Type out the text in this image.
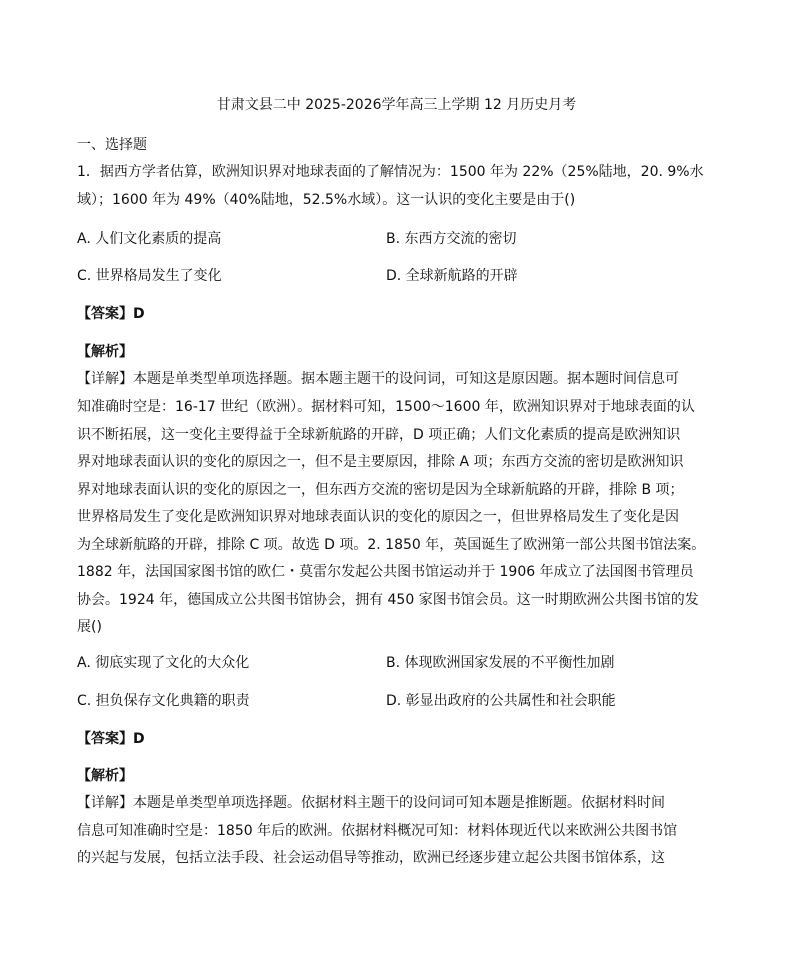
甘肃文县二中 2025-2026学年高三上学期 12 月历史月考
一、选择题
1．据西方学者估算，欧洲知识界对地球表面的了解情况为：1500 年为 22%（25%陆地，20. 9%水
域）；1600 年为 49%（40%陆地，52.5%水域）。这一认识的变化主要是由于()
A. 人们文化素质的提高	B. 东西方交流的密切
C. 世界格局发生了变化	D. 全球新航路的开辟
【答案】D
【解析】
【详解】本题是单类型单项选择题。据本题主题干的设问词，可知这是原因题。据本题时间信息可
知准确时空是：16-17 世纪（欧洲）。据材料可知，1500～1600 年，欧洲知识界对于地球表面的认
识不断拓展，这一变化主要得益于全球新航路的开辟，D 项正确；人们文化素质的提高是欧洲知识
界对地球表面认识的变化的原因之一，但不是主要原因，排除 A 项；东西方交流的密切是欧洲知识
界对地球表面认识的变化的原因之一，但东西方交流的密切是因为全球新航路的开辟，排除 B 项；
世界格局发生了变化是欧洲知识界对地球表面认识的变化的原因之一，但世界格局发生了变化是因
为全球新航路的开辟，排除 C 项。故选 D 项。2. 1850 年，英国诞生了欧洲第一部公共图书馆法案。
1882 年，法国国家图书馆的欧仁・莫雷尔发起公共图书馆运动并于 1906 年成立了法国图书管理员
协会。1924 年，德国成立公共图书馆协会，拥有 450 家图书馆会员。这一时期欧洲公共图书馆的发
展()
A. 彻底实现了文化的大众化	B. 体现欧洲国家发展的不平衡性加剧
C. 担负保存文化典籍的职责	D. 彰显出政府的公共属性和社会职能
【答案】D
【解析】
【详解】本题是单类型单项选择题。依据材料主题干的设问词可知本题是推断题。依据材料时间
信息可知准确时空是：1850 年后的欧洲。依据材料概况可知：材料体现近代以来欧洲公共图书馆
的兴起与发展，包括立法手段、社会运动倡导等推动，欧洲已经逐步建立起公共图书馆体系，这
